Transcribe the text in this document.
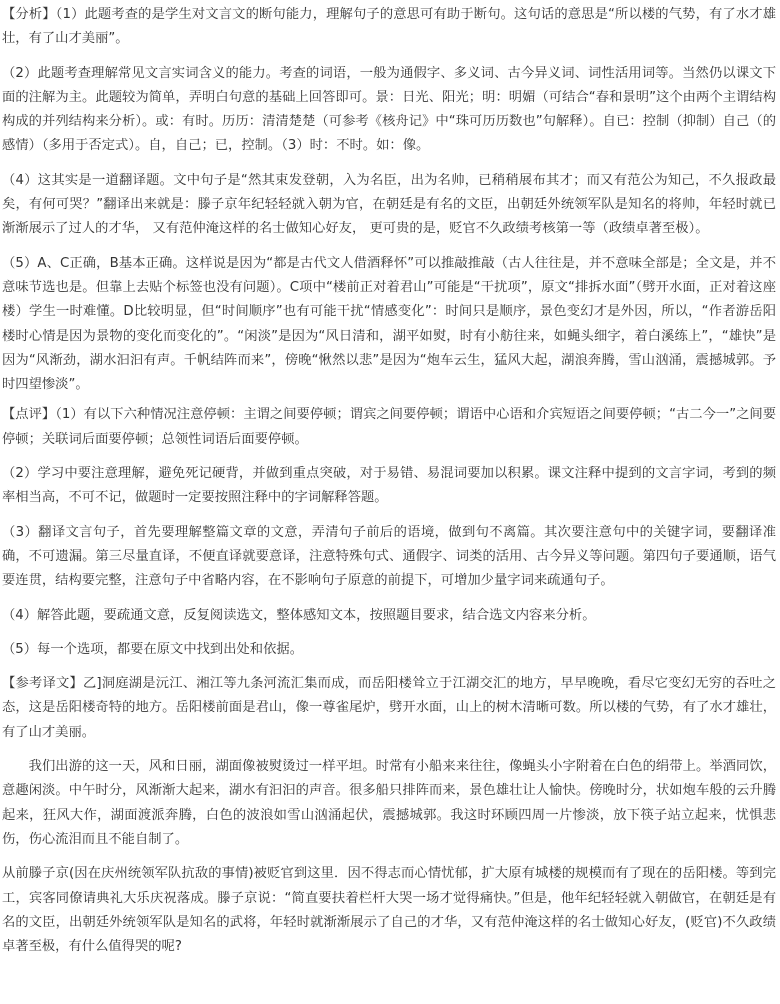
【分析】（1）此题考查的是学生对文言文的断句能力，理解句子的意思可有助于断句。这句话的意思是“所以楼的气势，有了水才雄壮，有了山才美丽”。

（2）此题考查理解常见文言实词含义的能力。考查的词语，一般为通假字、多义词、古今异义词、词性活用词等。当然仍以课文下面的注解为主。此题较为简单，弄明白句意的基础上回答即可。景：日光、阳光；明：明媚（可结合“春和景明”这个由两个主谓结构构成的并列结构来分析）。或：有时。历历：清清楚楚（可参考《核舟记》中“珠可历历数也”句解释）。自已：控制（抑制）自己（的感情）（多用于否定式）。自，自己；已，控制。（3）时：不时。如：像。

（4）这其实是一道翻译题。文中句子是“然其束发登朝，入为名臣，出为名帅，已稍稍展布其才；而又有范公为知己，不久报政最矣，有何可哭？”翻译出来就是：滕子京年纪轻轻就入朝为官，在朝廷是有名的文臣，出朝廷外统领军队是知名的将帅，年轻时就已渐渐展示了过人的才华， 又有范仲淹这样的名士做知心好友， 更可贵的是，贬官不久政绩考核第一等（政绩卓著至极）。

（5）A、C正确，B基本正确。这样说是因为“都是古代文人借酒释怀”可以推敲推敲（古人往往是，并不意味全部是；全文是，并不意味节选也是。但靠上去贴个标签也没有问题）。C项中“楼前正对着君山”可能是“干扰项”，原文“排拆水面”（劈开水面，正对着这座楼）学生一时难懂。D比较明显，但“时间顺序”也有可能干扰“情感变化”：时间只是顺序，景色变幻才是外因，所以，“作者游岳阳楼时心情是因为景物的变化而变化的”。“闲淡”是因为“风日清和，湖平如熨，时有小舫往来，如蝇头细字，着白溪练上”，“雄快”是因为“风渐劲，湖水汩汩有声。千帆结阵而来”，傍晚“愀然以悲”是因为“炮车云生，猛风大起，湖浪奔腾，雪山汹涌，震撼城郭。予时四望惨淡”。

【点评】（1）有以下六种情况注意停顿：主谓之间要停顿；谓宾之间要停顿；谓语中心语和介宾短语之间要停顿；“古二今一”之间要停顿；关联词后面要停顿；总领性词语后面要停顿。

（2）学习中要注意理解，避免死记硬背，并做到重点突破，对于易错、易混词要加以积累。课文注释中提到的文言字词，考到的频率相当高，不可不记，做题时一定要按照注释中的字词解释答题。

（3）翻译文言句子，首先要理解整篇文章的文意，弄清句子前后的语境，做到句不离篇。其次要注意句中的关键字词，要翻译准确，不可遗漏。第三尽量直译，不便直译就要意译，注意特殊句式、通假字、词类的活用、古今异义等问题。第四句子要通顺，语气要连贯，结构要完整，注意句子中省略内容，在不影响句子原意的前提下，可增加少量字词来疏通句子。

（4）解答此题，要疏通文意，反复阅读选文，整体感知文本，按照题目要求，结合选文内容来分析。

（5）每一个选项，都要在原文中找到出处和依据。

【参考译文】乙]洞庭湖是沅江、湘江等九条河流汇集而成，而岳阳楼耸立于江湖交汇的地方，早早晚晚，看尽它变幻无穷的吞吐之态，这是岳阳楼奇特的地方。岳阳楼前面是君山，像一尊雀尾炉，劈开水面，山上的树木清晰可数。所以楼的气势，有了水才雄壮，有了山才美丽。

我们出游的这一天，风和日丽，湖面像被熨烫过一样平坦。时常有小船来来往往，像蝇头小字附着在白色的绢带上。举酒同饮，意趣闲淡。中午时分，风渐渐大起来，湖水有汩汩的声音。很多船只排阵而来，景色雄壮让人愉快。傍晚时分，状如炮车般的云升腾起来，狂风大作，湖面渡派奔腾，白色的波浪如雪山汹涌起伏，震撼城郭。我这时环顾四周一片惨淡，放下筷子站立起来，忧惧悲伤，伤心流泪而且不能自制了。

从前滕子京(因在庆州统领军队抗敌的事情)被贬官到这里．因不得志而心情忧郁，扩大原有城楼的规模而有了现在的岳阳楼。等到完工，宾客同僚请典礼大乐庆祝落成。滕子京说：“简直要扶着栏杆大哭一场才觉得痛快。”但是，他年纪轻轻就入朝做官，在朝廷是有名的文臣，出朝廷外统领军队是知名的武将，年轻时就渐渐展示了自己的才华，又有范仲淹这样的名士做知心好友，(贬官)不久政绩卓著至极，有什么值得哭的呢?
